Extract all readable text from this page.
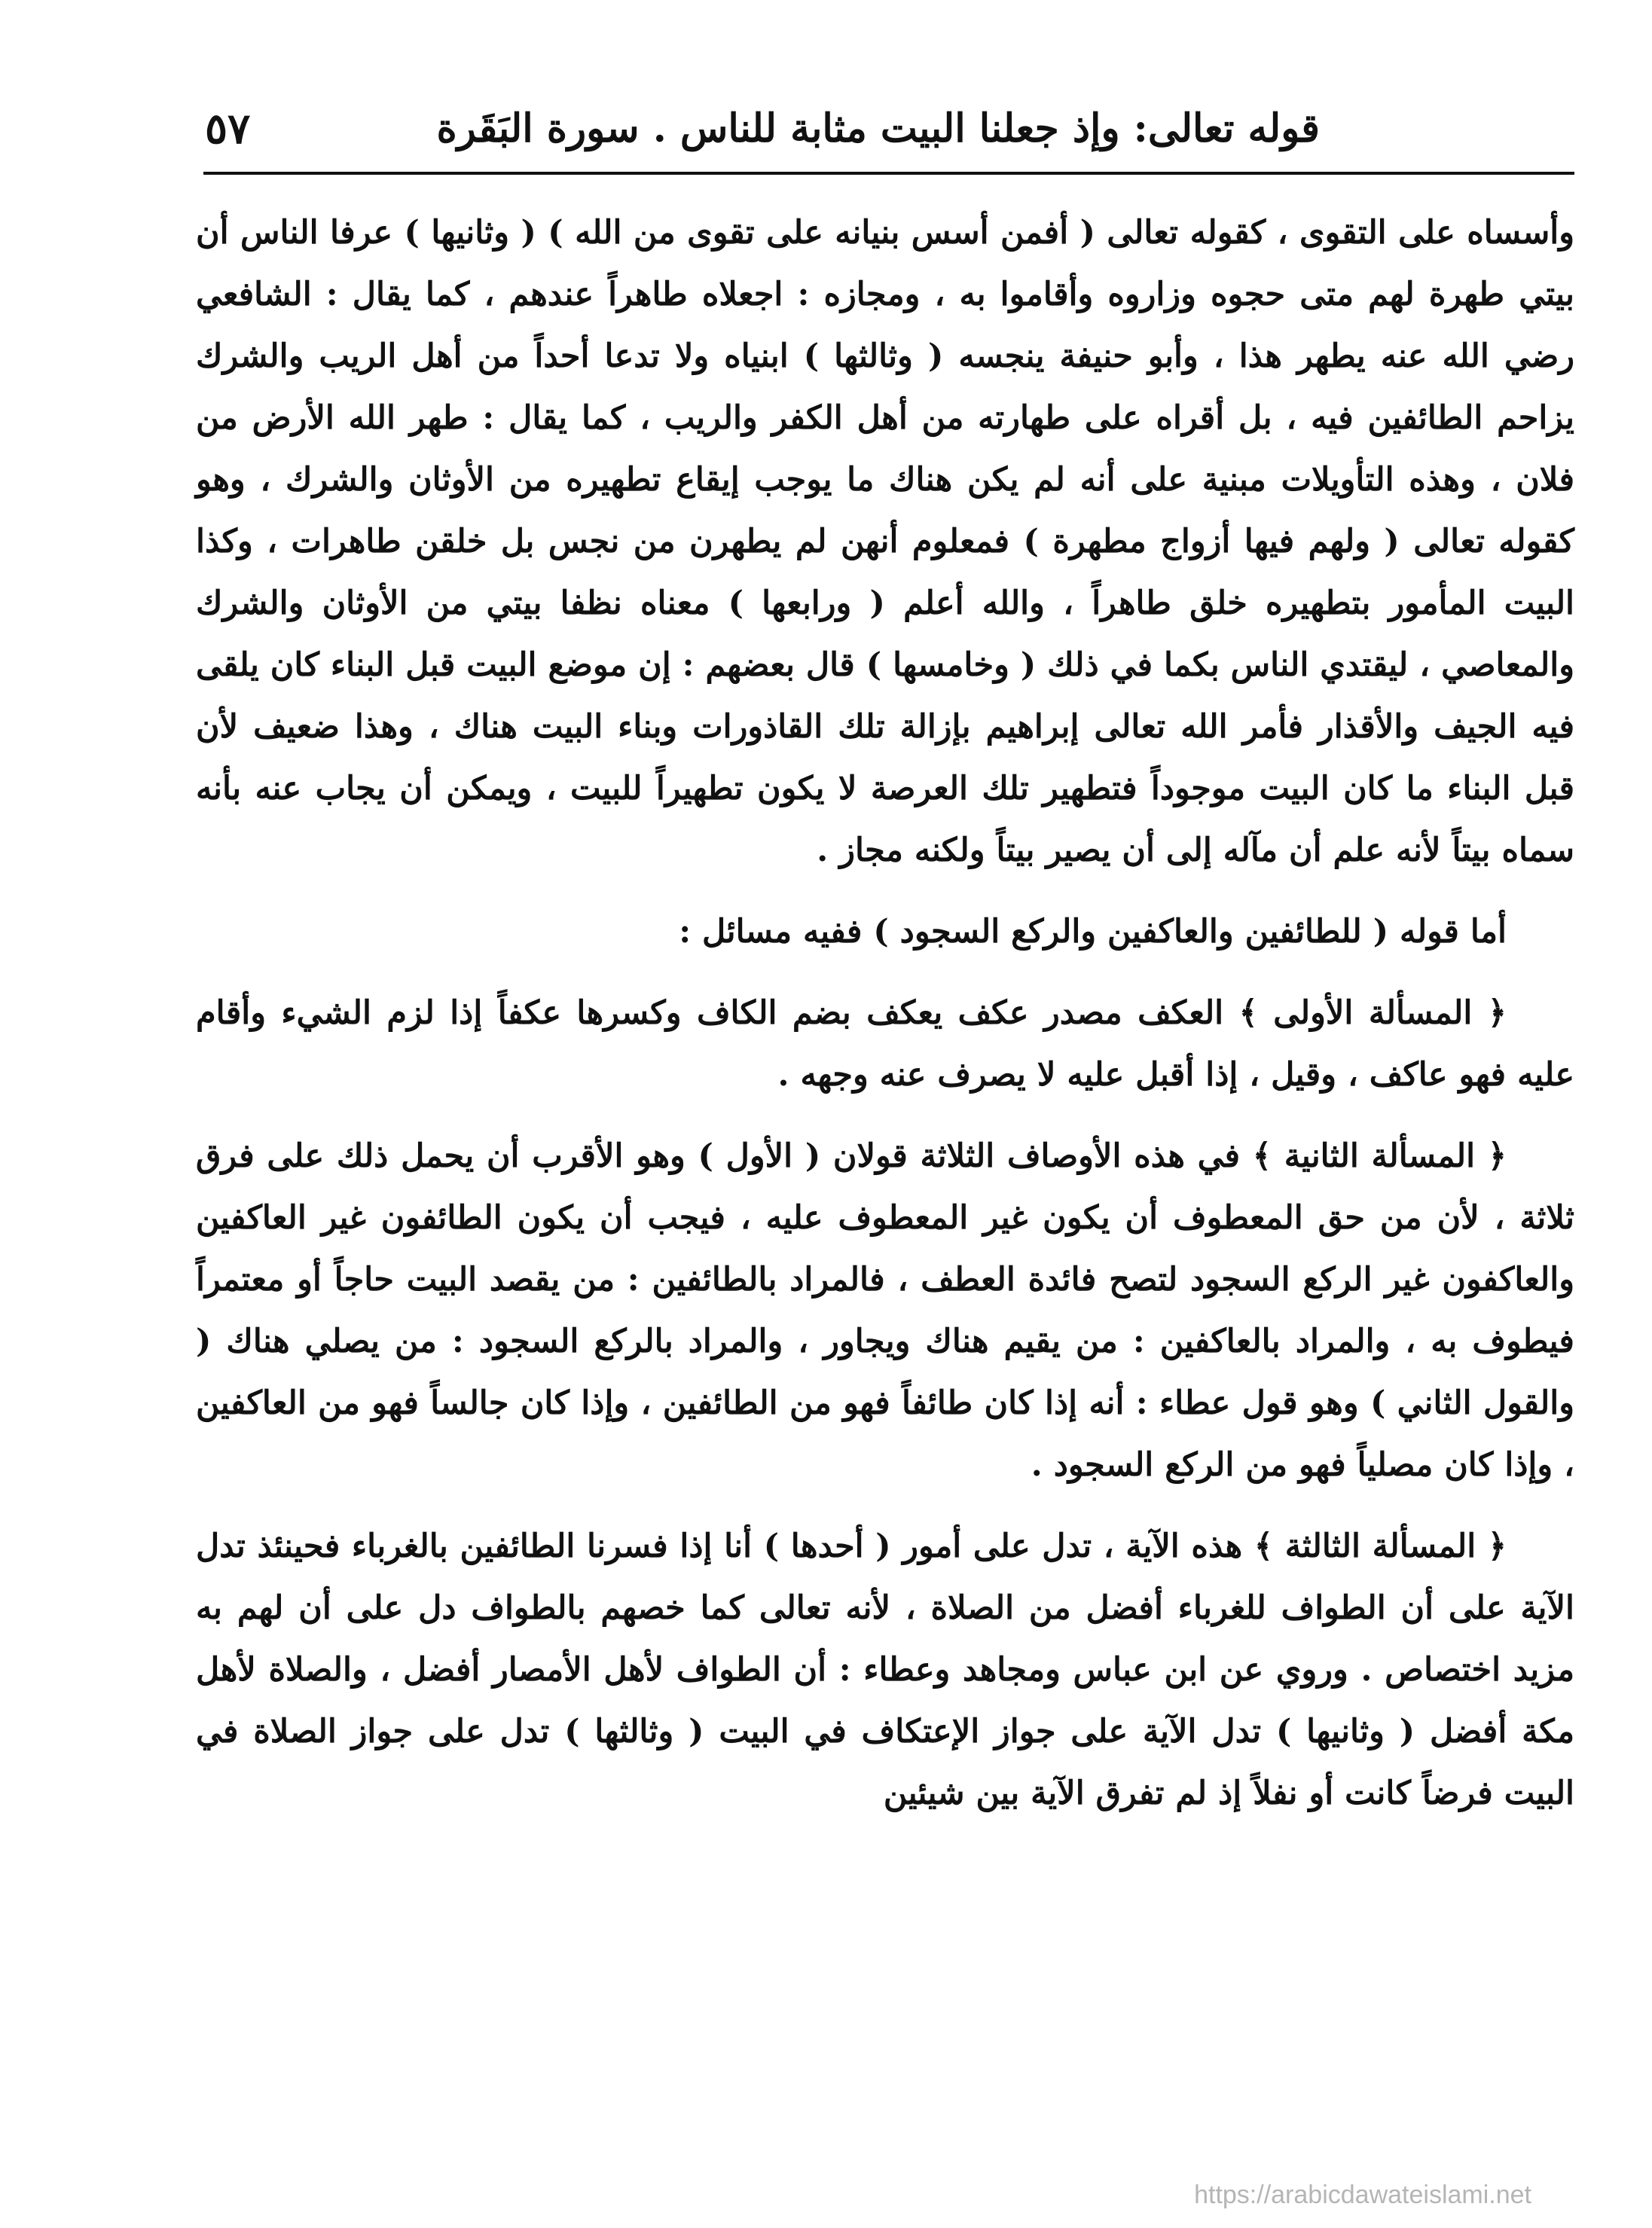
قوله تعالى: وإذ جعلنا البيت مثابة للناس . سورة البَقَرة
٥٧

وأسساه على التقوى ، كقوله تعالى ( أفمن أسس بنيانه على تقوى من الله ) ( وثانيها ) عرفا الناس أن بيتي طهرة لهم متى حجوه وزاروه وأقاموا به ، ومجازه : اجعلاه طاهراً عندهم ، كما يقال : الشافعي رضي الله عنه يطهر هذا ، وأبو حنيفة ينجسه ( وثالثها ) ابنياه ولا تدعا أحداً من أهل الريب والشرك يزاحم الطائفين فيه ، بل أقراه على طهارته من أهل الكفر والريب ، كما يقال : طهر الله الأرض من فلان ، وهذه التأويلات مبنية على أنه لم يكن هناك ما يوجب إيقاع تطهيره من الأوثان والشرك ، وهو كقوله تعالى ( ولهم فيها أزواج مطهرة ) فمعلوم أنهن لم يطهرن من نجس بل خلقن طاهرات ، وكذا البيت المأمور بتطهيره خلق طاهراً ، والله أعلم ( ورابعها ) معناه نظفا بيتي من الأوثان والشرك والمعاصي ، ليقتدي الناس بكما في ذلك ( وخامسها ) قال بعضهم : إن موضع البيت قبل البناء كان يلقى فيه الجيف والأقذار فأمر الله تعالى إبراهيم بإزالة تلك القاذورات وبناء البيت هناك ، وهذا ضعيف لأن قبل البناء ما كان البيت موجوداً فتطهير تلك العرصة لا يكون تطهيراً للبيت ، ويمكن أن يجاب عنه بأنه سماه بيتاً لأنه علم أن مآله إلى أن يصير بيتاً ولكنه مجاز .

أما قوله ( للطائفين والعاكفين والركع السجود ) ففيه مسائل :

﴿ المسألة الأولى ﴾ العكف مصدر عكف يعكف بضم الكاف وكسرها عكفاً إذا لزم الشيء وأقام عليه فهو عاكف ، وقيل ، إذا أقبل عليه لا يصرف عنه وجهه .

﴿ المسألة الثانية ﴾ في هذه الأوصاف الثلاثة قولان ( الأول ) وهو الأقرب أن يحمل ذلك على فرق ثلاثة ، لأن من حق المعطوف أن يكون غير المعطوف عليه ، فيجب أن يكون الطائفون غير العاكفين والعاكفون غير الركع السجود لتصح فائدة العطف ، فالمراد بالطائفين : من يقصد البيت حاجاً أو معتمراً فيطوف به ، والمراد بالعاكفين : من يقيم هناك ويجاور ، والمراد بالركع السجود : من يصلي هناك ( والقول الثاني ) وهو قول عطاء : أنه إذا كان طائفاً فهو من الطائفين ، وإذا كان جالساً فهو من العاكفين ، وإذا كان مصلياً فهو من الركع السجود .

﴿ المسألة الثالثة ﴾ هذه الآية ، تدل على أمور ( أحدها ) أنا إذا فسرنا الطائفين بالغرباء فحينئذ تدل الآية على أن الطواف للغرباء أفضل من الصلاة ، لأنه تعالى كما خصهم بالطواف دل على أن لهم به مزيد اختصاص . وروي عن ابن عباس ومجاهد وعطاء : أن الطواف لأهل الأمصار أفضل ، والصلاة لأهل مكة أفضل ( وثانيها ) تدل الآية على جواز الإعتكاف في البيت ( وثالثها ) تدل على جواز الصلاة في البيت فرضاً كانت أو نفلاً إذ لم تفرق الآية بين شيئين

https://arabicdawateislami.net
